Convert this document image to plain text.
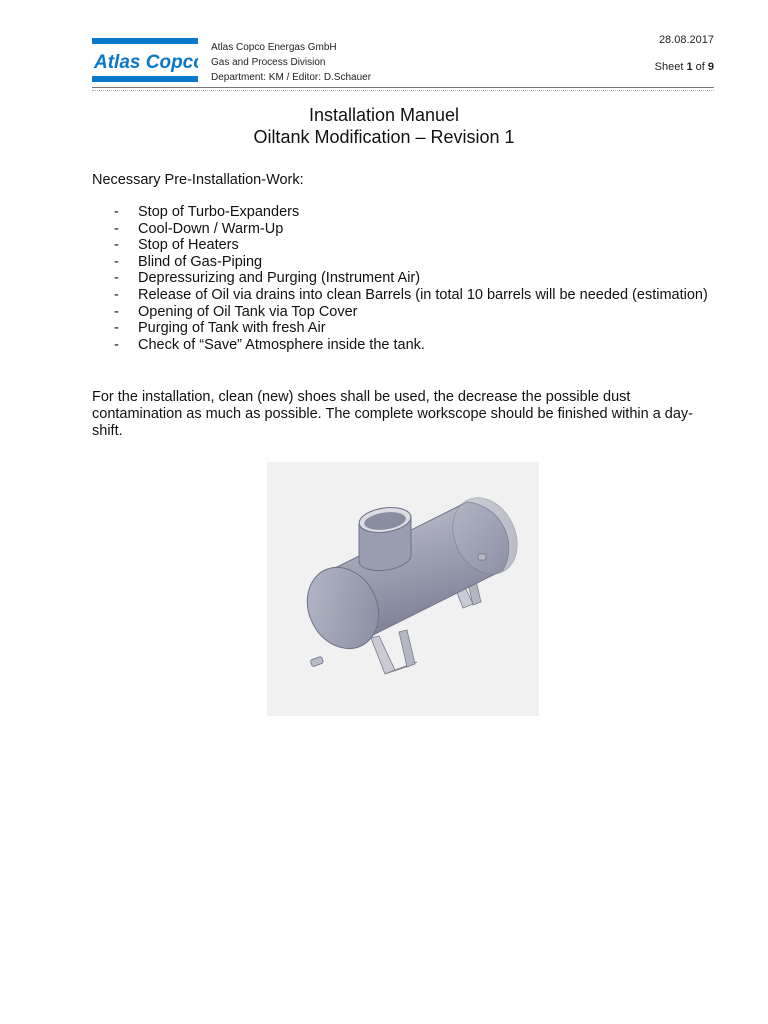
Atlas Copco
Atlas Copco Energas GmbH
Gas and Process Division
Department: KM / Editor: D.Schauer
28.08.2017
Sheet 1 of 9
Installation Manuel
Oiltank Modification – Revision 1
Necessary Pre-Installation-Work:
- Stop of Turbo-Expanders
- Cool-Down / Warm-Up
- Stop of Heaters
- Blind of Gas-Piping
- Depressurizing and Purging (Instrument Air)
- Release of Oil via drains into clean Barrels (in total 10 barrels will be needed (estimation)
- Opening of Oil Tank via Top Cover
- Purging of Tank with fresh Air
- Check of “Save” Atmosphere inside the tank.
For the installation, clean (new) shoes shall be used, the decrease the possible dust contamination as much as possible. The complete workscope should be finished within a day-shift.
